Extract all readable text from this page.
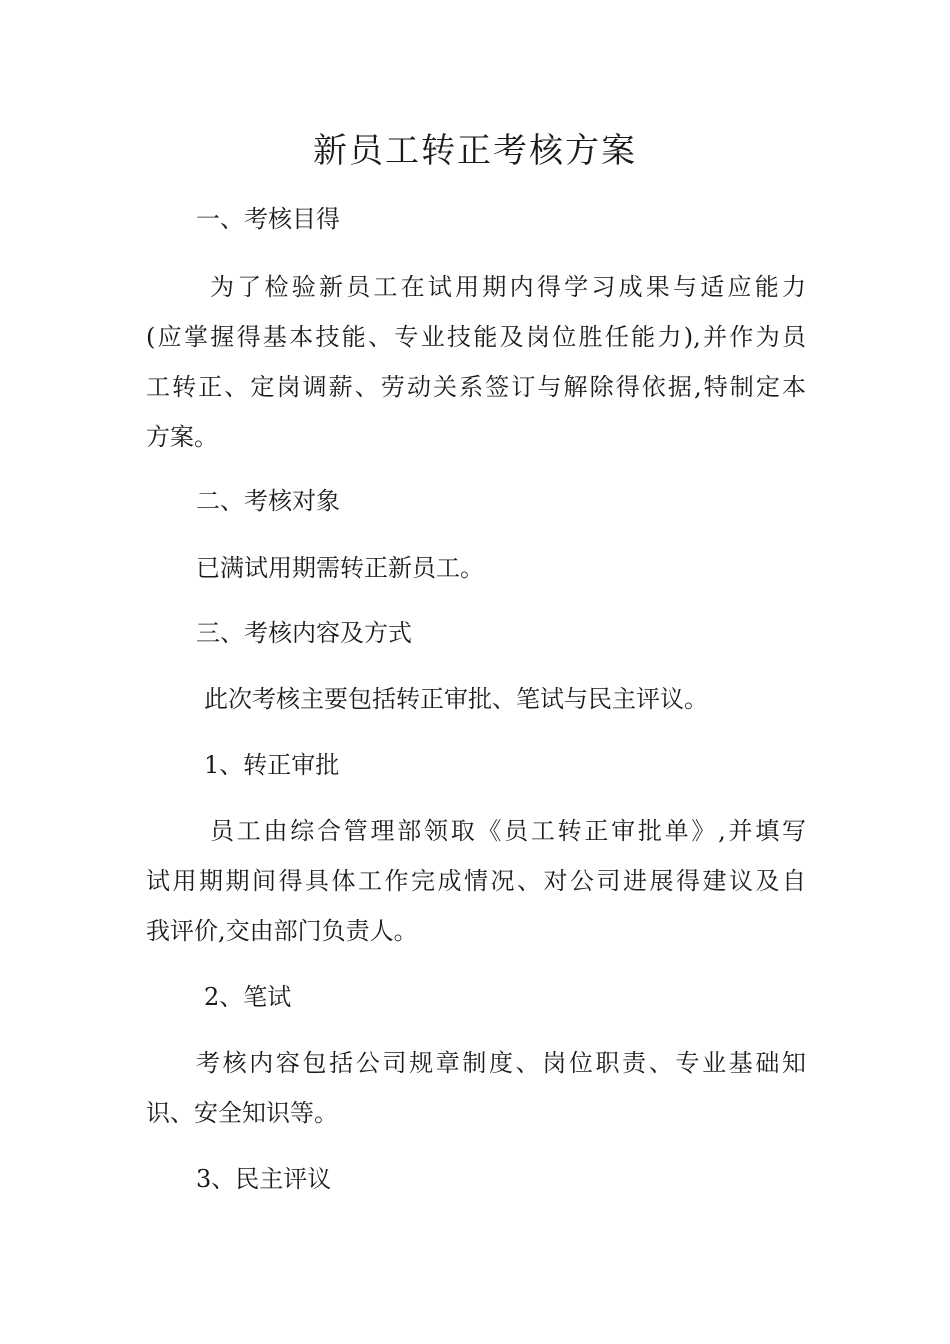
新员工转正考核方案
一、考核目得
为了检验新员工在试用期内得学习成果与适应能力
(应掌握得基本技能、专业技能及岗位胜任能力),并作为员
工转正、定岗调薪、劳动关系签订与解除得依据,特制定本
方案。
二、考核对象
已满试用期需转正新员工。
三、考核内容及方式
此次考核主要包括转正审批、笔试与民主评议。
1、转正审批
员工由综合管理部领取《员工转正审批单》,并填写
试用期期间得具体工作完成情况、对公司进展得建议及自
我评价,交由部门负责人。
2、笔试
考核内容包括公司规章制度、岗位职责、专业基础知
识、安全知识等。
3、民主评议
